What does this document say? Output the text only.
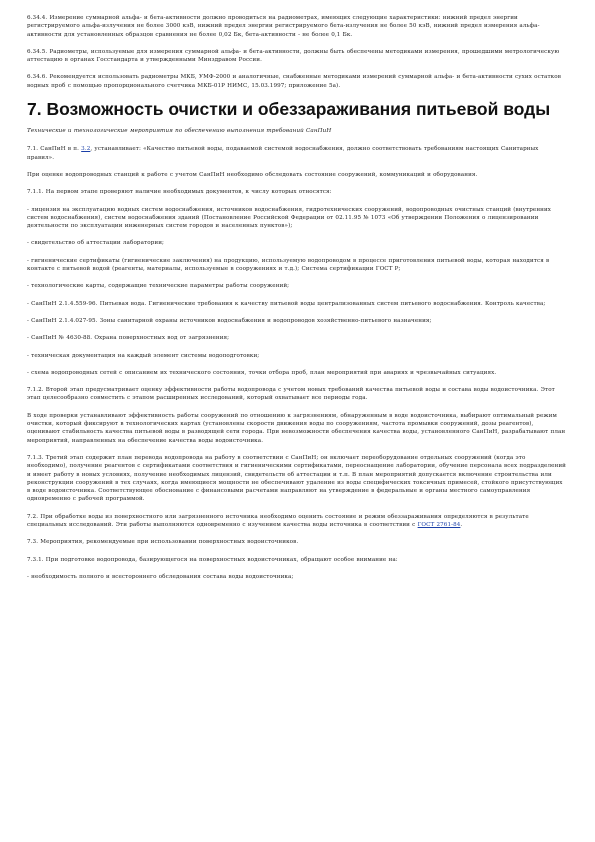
6.34.4. Измерение суммарной альфа- и бета-активности должно проводиться на радиометрах, имеющих следующие характеристики: нижний предел энергии регистрируемого альфа-излучения не более 3000 кэВ, нижний предел энергии регистрируемого бета-излучения не более 50 кэВ, нижний предел измерения альфа-активности для установленных образцов сравнения не более 0,02 Бк, бета-активности - не более 0,1 Бк.

6.34.5. Радиометры, используемые для измерения суммарной альфа- и бета-активности, должны быть обеспечены методиками измерения, прошедшими метрологическую аттестацию в органах Госстандарта и утвержденными Минздравом России.

6.34.6. Рекомендуется использовать радиометры МКБ, УМФ-2000 и аналогичные, снабженные методиками измерений суммарной альфа- и бета-активности сухих остатков водных проб с помощью пропорционального счетчика МКБ-01Р НИМС, 15.03.1997; приложение 5а).

7. Возможность очистки и обеззараживания питьевой воды

Технические и технологические мероприятия по обеспечению выполнения требований СанПиН

7.1. СанПиН в п. 3.2, устанавливает: «Качество питьевой воды, подаваемой системой водоснабжения, должно соответствовать требованиям настоящих Санитарных правил».

При оценке водопроводных станций к работе с учетом СанПиН необходимо обследовать состояние сооружений, коммуникаций и оборудования.

7.1.1. На первом этапе проверяют наличие необходимых документов, к числу которых относятся:

- лицензия на эксплуатацию водных систем водоснабжения, источников водоснабжения, гидротехнических сооружений, водопроводных очистных станций (внутренних систем водоснабжения), систем водоснабжения зданий (Постановление Российской Федерации от 02.11.95 № 1073 «Об утверждении Положения о лицензировании деятельности по эксплуатации инженерных систем городов и населенных пунктов»);

- свидетельство об аттестации лаборатории;

- гигиенические сертификаты (гигиенические заключения) на продукцию, используемую водопроводом в процессе приготовления питьевой воды, которая находится в контакте с питьевой водой (реагенты, материалы, используемые в сооружениях и т.д.); Система сертификации ГОСТ Р;

- технологические карты, содержащие технические параметры работы сооружений;

- СанПиН 2.1.4.559-96. Питьевая вода. Гигиенические требования к качеству питьевой воды централизованных систем питьевого водоснабжения. Контроль качества;

- СанПиН 2.1.4.027-95. Зоны санитарной охраны источников водоснабжения и водопроводов хозяйственно-питьевого назначения;

- СанПиН № 4630-88. Охрана поверхностных вод от загрязнения;

- техническая документация на каждый элемент системы водоподготовки;

- схема водопроводных сетей с описанием их технического состояния, точки отбора проб, план мероприятий при авариях и чрезвычайных ситуациях.

7.1.2. Второй этап предусматривает оценку эффективности работы водопровода с учетом новых требований качества питьевой воды и состава воды водоисточника. Этот этап целесообразно совместить с этапом расширенных исследований, который охватывает все периоды года.

В ходе проверки устанавливают эффективность работы сооружений по отношению к загрязнениям, обнаруженным в воде водоисточника, выбирают оптимальный режим очистки, который фиксируют в технологических картах (установлены скорости движения воды по сооружениям, частота промывки сооружений, дозы реагентов), оценивают стабильность качества питьевой воды в разводящей сети города. При невозможности обеспечения качества воды, установленного СанПиН, разрабатывают план мероприятий, направленных на обеспечение качества воды водоисточника.

7.1.3. Третий этап содержит план перевода водопровода на работу в соответствии с СанПиН; он включает переоборудование отдельных сооружений (когда это необходимо), получение реагентов с сертификатами соответствия и гигиеническими сертификатами, переоснащение лаборатории, обучение персонала всех подразделений и имеет работу в новых условиях, получение необходимых лицензий, свидетельств об аттестации и т.п. В план мероприятий допускается включение строительства или реконструкции сооружений в тех случаях, когда имеющиеся мощности не обеспечивают удаление из воды специфических токсичных примесей, стойкого присутствующих в воде водоисточника. Соответствующее обоснование с финансовыми расчетами направляют на утверждение в федеральные и органы местного самоуправления одновременно с рабочей программой.

7.2. При обработке воды из поверхностного или загрязненного источника необходимо оценить состояние и режим обеззараживания определяются в результате специальных исследований. Эти работы выполняются одновременно с изучением качества воды источника в соответствии с ГОСТ 2761-84.

7.3. Мероприятия, рекомендуемые при использовании поверхностных водоисточников.

7.3.1. При подготовке водопровода, базирующегося на поверхностных водоисточниках, обращают особое внимание на:

- необходимость полного и всестороннего обследования состава воды водоисточника;
